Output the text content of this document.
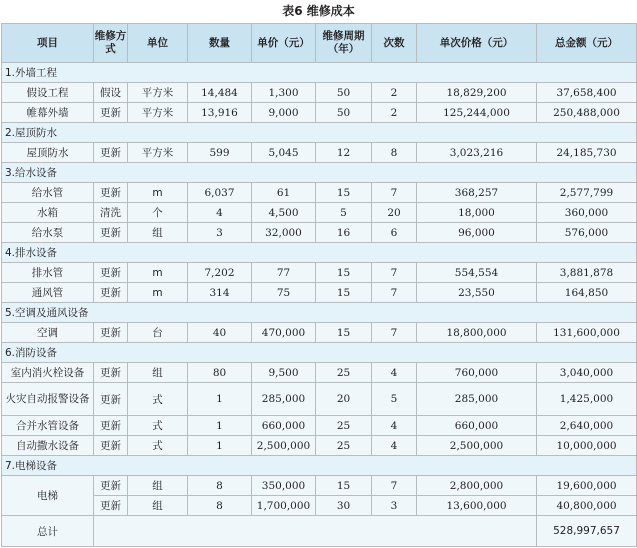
表6 维修成本
项目	维修方式	单位	数量	单价（元）	维修周期（年）	次数	单次价格（元）	总金额（元）
1.外墙工程								
假设工程	假设	平方米	14,484	1,300	50	2	18,829,200	37,658,400
帷幕外墙	更新	平方米	13,916	9,000	50	2	125,244,000	250,488,000
2.屋顶防水								
屋顶防水	更新	平方米	599	5,045	12	8	3,023,216	24,185,730
3.给水设备								
给水管	更新	m	6,037	61	15	7	368,257	2,577,799
水箱	清洗	个	4	4,500	5	20	18,000	360,000
给水泵	更新	组	3	32,000	16	6	96,000	576,000
4.排水设备								
排水管	更新	m	7,202	77	15	7	554,554	3,881,878
通风管	更新	m	314	75	15	7	23,550	164,850
5.空调及通风设备								
空调	更新	台	40	470,000	15	7	18,800,000	131,600,000
6.消防设备								
室内消火栓设备	更新	组	80	9,500	25	4	760,000	3,040,000
火灾自动报警设备	更新	式	1	285,000	20	5	285,000	1,425,000
合并水管设备	更新	式	1	660,000	25	4	660,000	2,640,000
自动撒水设备	更新	式	1	2,500,000	25	4	2,500,000	10,000,000
7.电梯设备								
电梯	更新	组	8	350,000	15	7	2,800,000	19,600,000
	更新	组	8	1,700,000	30	3	13,600,000	40,800,000
总计								528,997,657
